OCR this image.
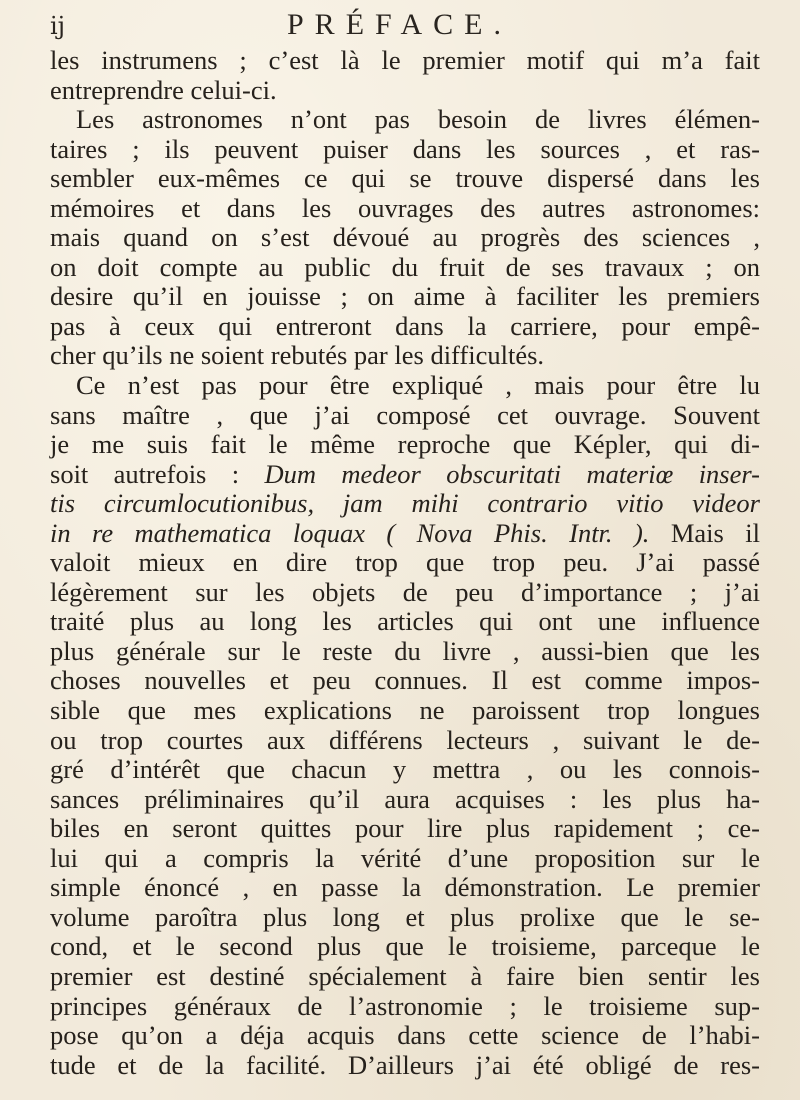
ij	PRÉFACE.
les instrumens ; c’est là le premier motif qui m’a fait
entreprendre celui-ci.
Les astronomes n’ont pas besoin de livres élémen-
taires ; ils peuvent puiser dans les sources , et ras-
sembler eux-mêmes ce qui se trouve dispersé dans les
mémoires et dans les ouvrages des autres astronomes:
mais quand on s’est dévoué au progrès des sciences ,
on doit compte au public du fruit de ses travaux ; on
desire qu’il en jouisse ; on aime à faciliter les premiers
pas à ceux qui entreront dans la carriere, pour empê-
cher qu’ils ne soient rebutés par les difficultés.
Ce n’est pas pour être expliqué , mais pour être lu
sans maître , que j’ai composé cet ouvrage. Souvent
je me suis fait le même reproche que Képler, qui di-
soit autrefois : Dum medeor obscuritati materiœ inser-
tis circumlocutionibus, jam mihi contrario vitio videor
in re mathematica loquax ( Nova Phis. Intr. ). Mais il
valoit mieux en dire trop que trop peu. J’ai passé
légèrement sur les objets de peu d’importance ; j’ai
traité plus au long les articles qui ont une influence
plus générale sur le reste du livre , aussi-bien que les
choses nouvelles et peu connues. Il est comme impos-
sible que mes explications ne paroissent trop longues
ou trop courtes aux différens lecteurs , suivant le de-
gré d’intérêt que chacun y mettra , ou les connois-
sances préliminaires qu’il aura acquises : les plus ha-
biles en seront quittes pour lire plus rapidement ; ce-
lui qui a compris la vérité d’une proposition sur le
simple énoncé , en passe la démonstration. Le premier
volume paroîtra plus long et plus prolixe que le se-
cond, et le second plus que le troisieme, parceque le
premier est destiné spécialement à faire bien sentir les
principes généraux de l’astronomie ; le troisieme sup-
pose qu’on a déja acquis dans cette science de l’habi-
tude et de la facilité. D’ailleurs j’ai été obligé de res-
